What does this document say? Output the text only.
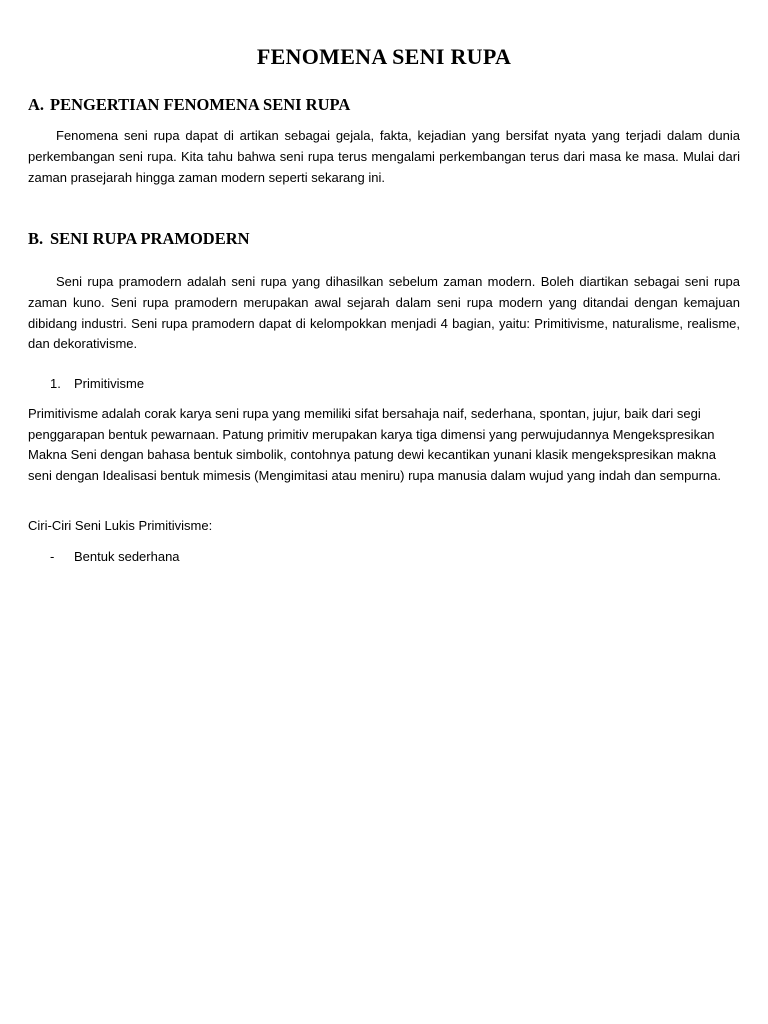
FENOMENA SENI RUPA
A. PENGERTIAN FENOMENA SENI RUPA

Fenomena seni rupa dapat di artikan sebagai gejala, fakta, kejadian yang bersifat nyata yang terjadi dalam dunia perkembangan seni rupa. Kita tahu bahwa seni rupa terus mengalami perkembangan terus dari masa ke masa. Mulai dari zaman prasejarah hingga zaman modern seperti sekarang ini.

B. SENI RUPA PRAMODERN

Seni rupa pramodern adalah seni rupa yang dihasilkan sebelum zaman modern. Boleh diartikan sebagai seni rupa zaman kuno. Seni rupa pramodern merupakan awal sejarah dalam seni rupa modern yang ditandai dengan kemajuan dibidang industri. Seni rupa pramodern dapat di kelompokkan menjadi 4 bagian, yaitu: Primitivisme, naturalisme, realisme, dan dekorativisme.

1. Primitivisme

Primitivisme adalah corak karya seni rupa yang memiliki sifat bersahaja naif, sederhana, spontan, jujur, baik dari segi penggarapan bentuk pewarnaan. Patung primitiv merupakan karya tiga dimensi yang perwujudannya Mengekspresikan Makna Seni dengan bahasa bentuk simbolik, contohnya patung dewi kecantikan yunani klasik mengekspresikan makna seni dengan Idealisasi bentuk mimesis (Mengimitasi atau meniru) rupa manusia dalam wujud yang indah dan sempurna.

Ciri-Ciri Seni Lukis Primitivisme:

- Bentuk sederhana
